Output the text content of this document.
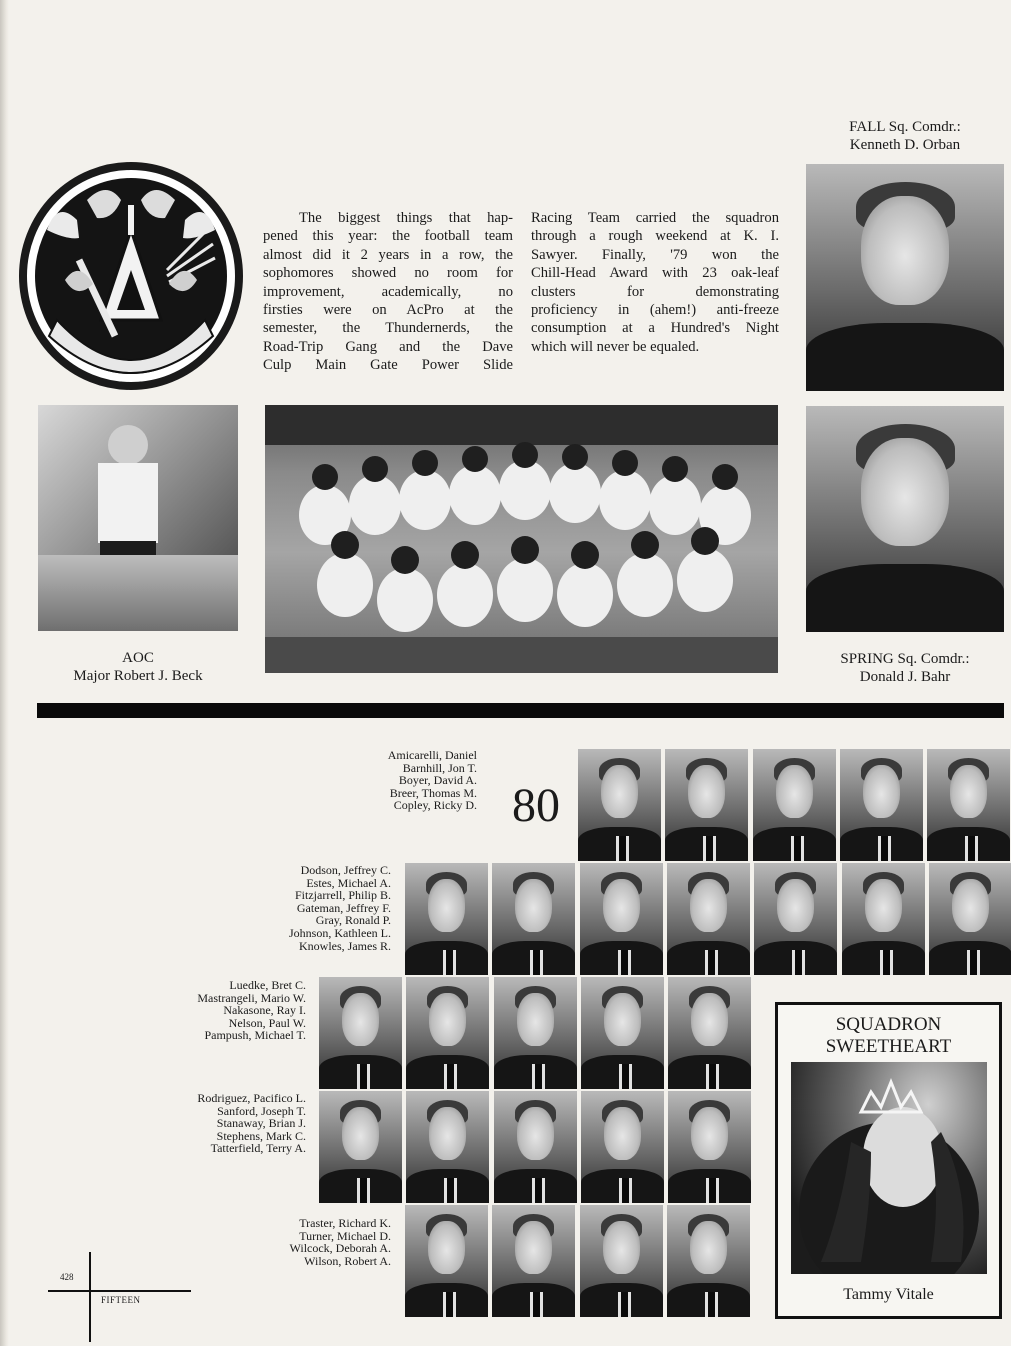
The biggest things that hap-
pened this year: the football team
almost did it 2 years in a row, the
sophomores showed no room for
improvement, academically, no
firsties were on AcPro at the
semester, the Thundernerds, the
Road-Trip Gang and the Dave
Culp Main Gate Power Slide
Racing Team carried the squadron
through a rough weekend at K. I.
Sawyer. Finally, '79 won the
Chill-Head Award with 23 oak-leaf
clusters for demonstrating
proficiency in (ahem!) anti-freeze
consumption at a Hundred's Night
which will never be equaled.
FALL Sq. Comdr.:
Kenneth D. Orban
AOC
Major Robert J. Beck
SPRING Sq. Comdr.:
Donald J. Bahr
80
Amicarelli, Daniel
Barnhill, Jon T.
Boyer, David A.
Breer, Thomas M.
Copley, Ricky D.
Dodson, Jeffrey C.
Estes, Michael A.
Fitzjarrell, Philip B.
Gateman, Jeffrey F.
Gray, Ronald P.
Johnson, Kathleen L.
Knowles, James R.
Luedke, Bret C.
Mastrangeli, Mario W.
Nakasone, Ray I.
Nelson, Paul W.
Pampush, Michael T.
Rodriguez, Pacifico L.
Sanford, Joseph T.
Stanaway, Brian J.
Stephens, Mark C.
Tatterfield, Terry A.
Traster, Richard K.
Turner, Michael D.
Wilcock, Deborah A.
Wilson, Robert A.
SQUADRON
SWEETHEART
Tammy Vitale
428
FIFTEEN
